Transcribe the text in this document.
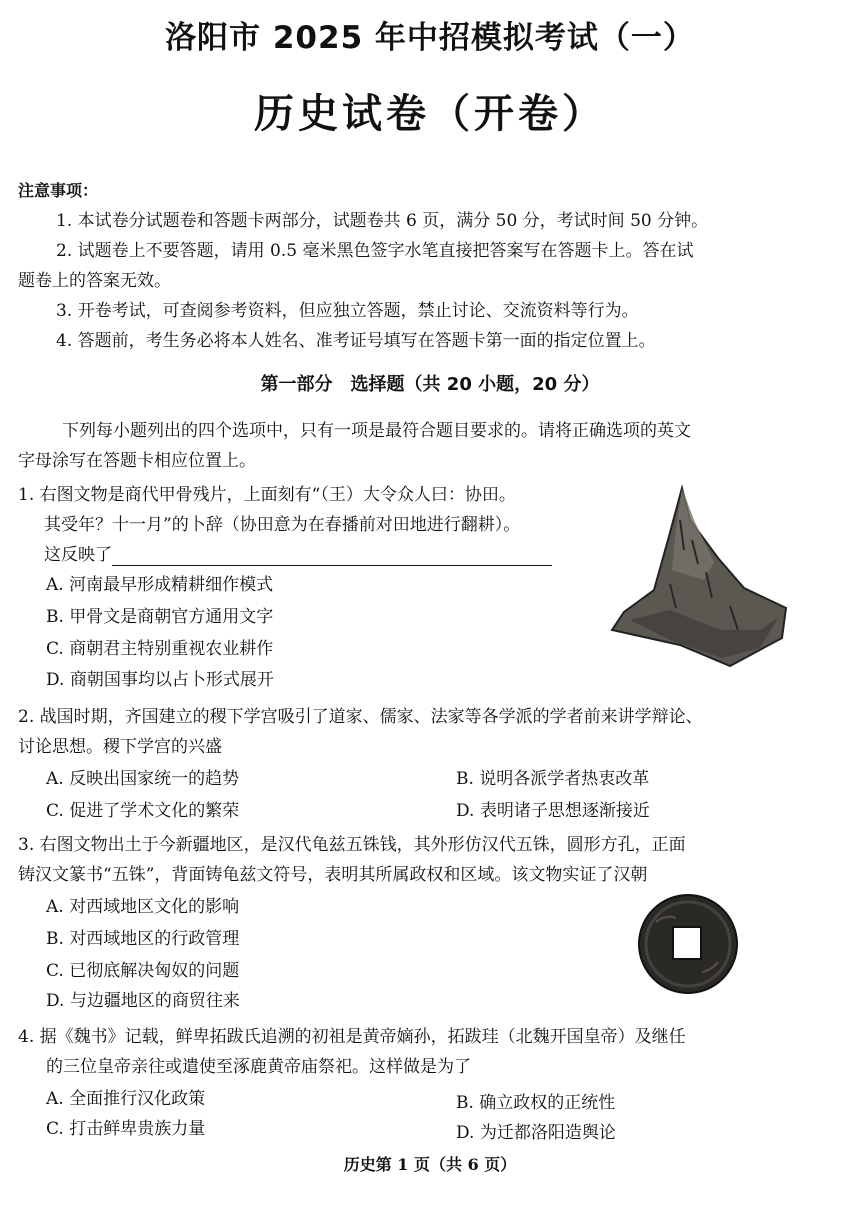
洛阳市 2025 年中招模拟考试（一）
历史试卷（开卷）
注意事项：
1. 本试卷分试题卷和答题卡两部分，试题卷共 6 页，满分 50 分，考试时间 50 分钟。
2. 试题卷上不要答题，请用 0.5 毫米黑色签字水笔直接把答案写在答题卡上。答在试
题卷上的答案无效。
3. 开卷考试，可查阅参考资料，但应独立答题，禁止讨论、交流资料等行为。
4. 答题前，考生务必将本人姓名、准考证号填写在答题卡第一面的指定位置上。
第一部分　选择题（共 20 小题，20 分）
下列每小题列出的四个选项中，只有一项是最符合题目要求的。请将正确选项的英文
字母涂写在答题卡相应位置上。
1. 右图文物是商代甲骨残片，上面刻有“（王）大令众人曰：协田。
其受年？十一月”的卜辞（协田意为在春播前对田地进行翻耕）。
这反映了
A. 河南最早形成精耕细作模式
B. 甲骨文是商朝官方通用文字
C. 商朝君主特别重视农业耕作
D. 商朝国事均以占卜形式展开
2. 战国时期，齐国建立的稷下学宫吸引了道家、儒家、法家等各学派的学者前来讲学辩论、
讨论思想。稷下学宫的兴盛
A. 反映出国家统一的趋势	B. 说明各派学者热衷改革
C. 促进了学术文化的繁荣	D. 表明诸子思想逐渐接近
3. 右图文物出土于今新疆地区，是汉代龟兹五铢钱，其外形仿汉代五铢，圆形方孔，正面
铸汉文篆书“五铢”，背面铸龟兹文符号，表明其所属政权和区域。该文物实证了汉朝
A. 对西域地区文化的影响
B. 对西域地区的行政管理
C. 已彻底解决匈奴的问题
D. 与边疆地区的商贸往来
4. 据《魏书》记载，鲜卑拓跋氏追溯的初祖是黄帝嫡孙，拓跋珪（北魏开国皇帝）及继任
的三位皇帝亲往或遣使至涿鹿黄帝庙祭祀。这样做是为了
A. 全面推行汉化政策	B. 确立政权的正统性
C. 打击鲜卑贵族力量	D. 为迁都洛阳造舆论
历史第 1 页（共 6 页）
